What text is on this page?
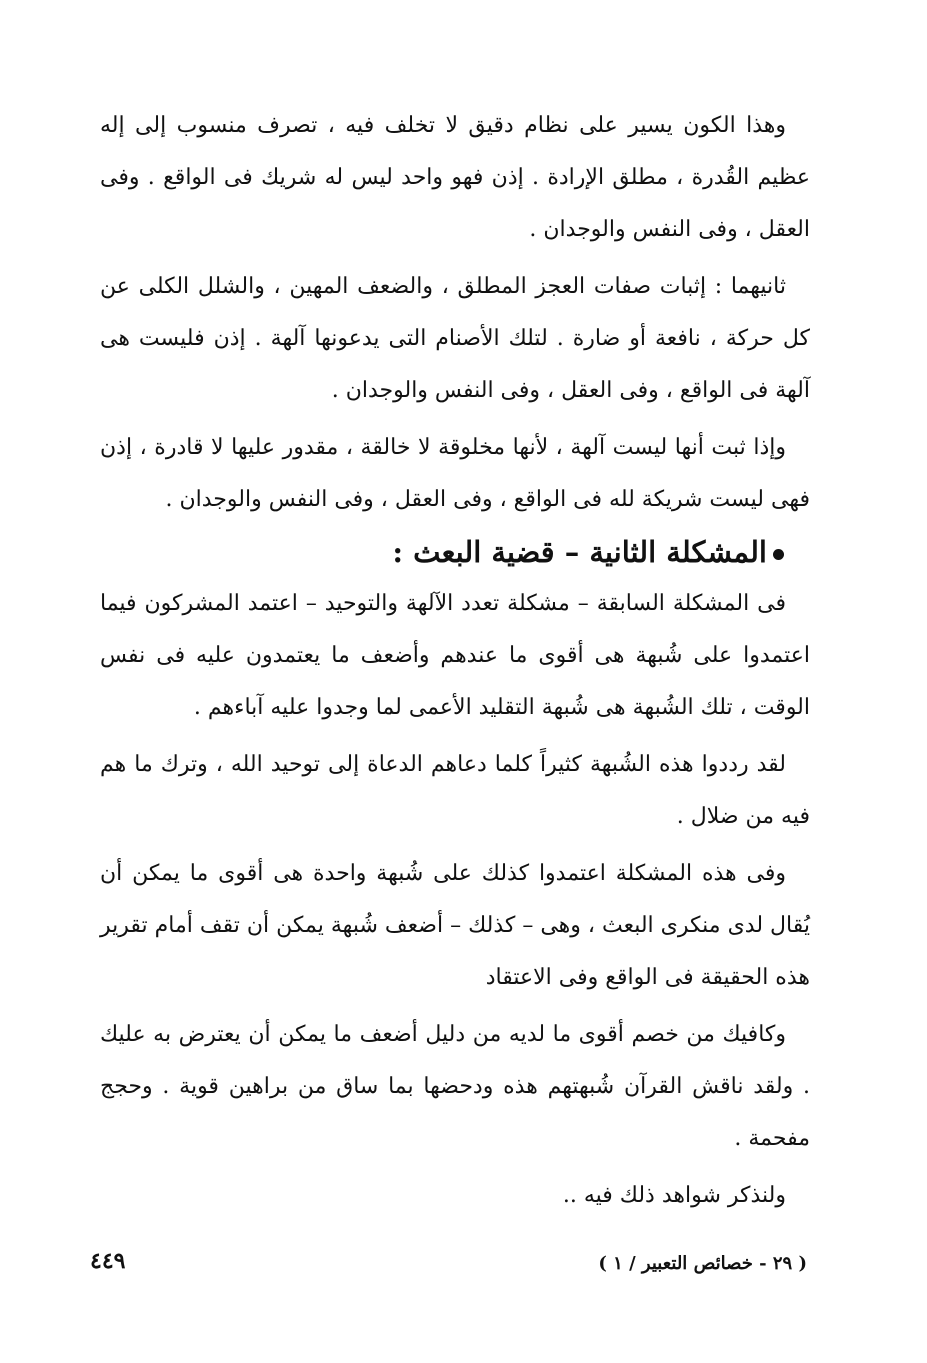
وهذا الكون يسير على نظام دقيق لا تخلف فيه ، تصرف منسوب إلى إله عظيم القُدرة ، مطلق الإرادة . إذن فهو واحد ليس له شريك فى الواقع . وفى العقل ، وفى النفس والوجدان .

ثانيهما : إثبات صفات العجز المطلق ، والضعف المهين ، والشلل الكلى عن كل حركة ، نافعة أو ضارة . لتلك الأصنام التى يدعونها آلهة . إذن فليست هى آلهة فى الواقع ، وفى العقل ، وفى النفس والوجدان .

وإذا ثبت أنها ليست آلهة ، لأنها مخلوقة لا خالقة ، مقدور عليها لا قادرة ، إذن فهى ليست شريكة لله فى الواقع ، وفى العقل ، وفى النفس والوجدان .

المشكلة الثانية – قضية البعث :

فى المشكلة السابقة – مشكلة تعدد الآلهة والتوحيد – اعتمد المشركون فيما اعتمدوا على شُبهة هى أقوى ما عندهم وأضعف ما يعتمدون عليه فى نفس الوقت ، تلك الشُبهة هى شُبهة التقليد الأعمى لما وجدوا عليه آباءهم .

لقد رددوا هذه الشُبهة كثيراً كلما دعاهم الدعاة إلى توحيد الله ، وترك ما هم فيه من ضلال .

وفى هذه المشكلة اعتمدوا كذلك على شُبهة واحدة هى أقوى ما يمكن أن يُقال لدى منكرى البعث ، وهى – كذلك – أضعف شُبهة يمكن أن تقف أمام تقرير هذه الحقيقة فى الواقع وفى الاعتقاد

وكافيك من خصم أقوى ما لديه من دليل أضعف ما يمكن أن يعترض به عليك . ولقد ناقش القرآن شُبهتهم هذه ودحضها بما ساق من براهين قوية . وحجج مفحمة .

ولنذكر شواهد ذلك فيه ..

( ٢٩ - خصائص التعبير / ١ )
٤٤٩
